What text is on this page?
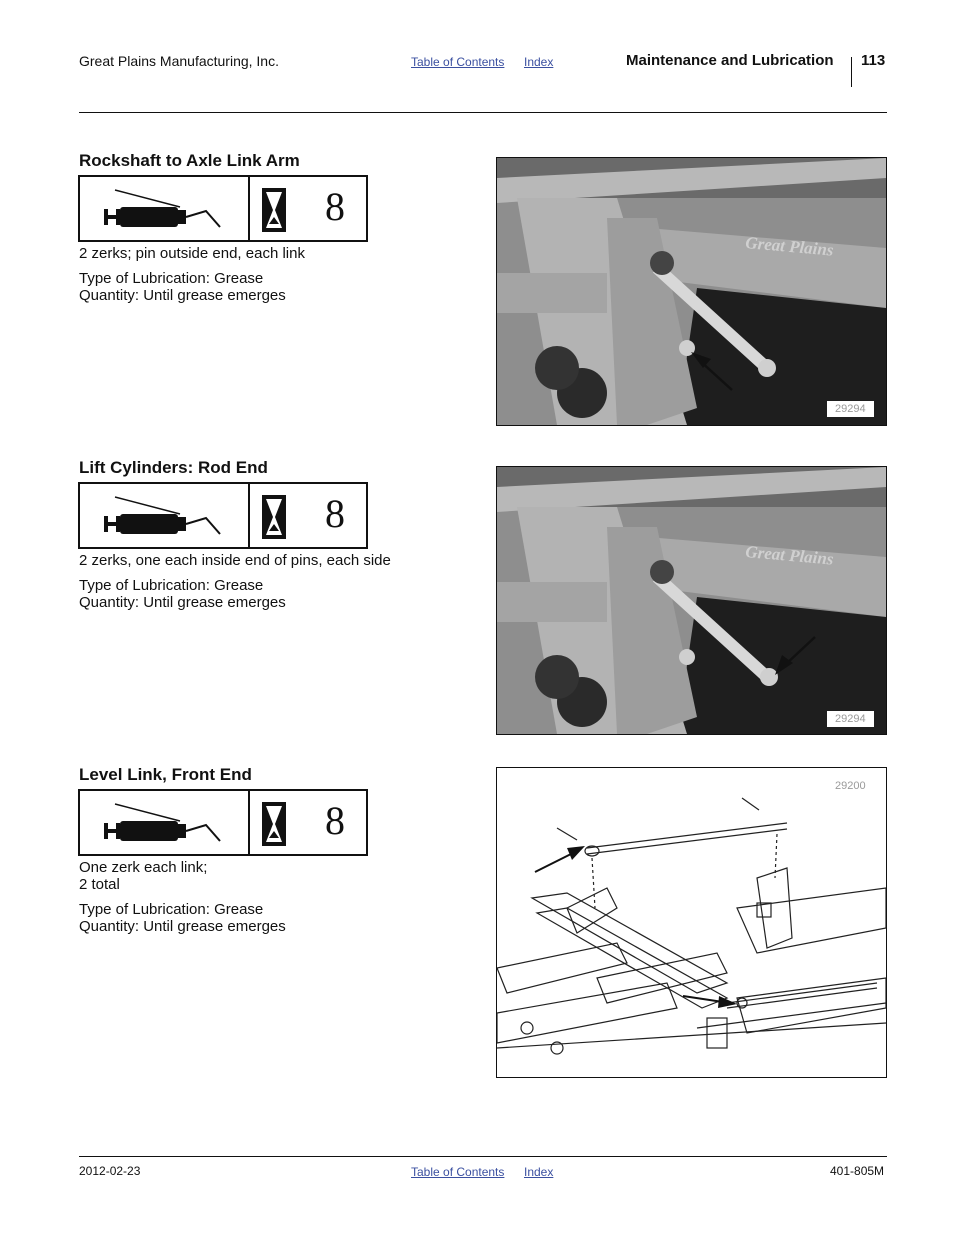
Great Plains Manufacturing, Inc.	Table of Contents Index	Maintenance and Lubrication 113
Rockshaft to Axle Link Arm
8
2 zerks; pin outside end, each link
Type of Lubrication: Grease
Quantity: Until grease emerges
Great Plains
29294
Lift Cylinders: Rod End
8
2 zerks, one each inside end of pins, each side
Type of Lubrication: Grease
Quantity: Until grease emerges
Great Plains
29294
Level Link, Front End
8
One zerk each link;
2 total
Type of Lubrication: Grease
Quantity: Until grease emerges
29200
2012-02-23	Table of Contents Index	401-805M
